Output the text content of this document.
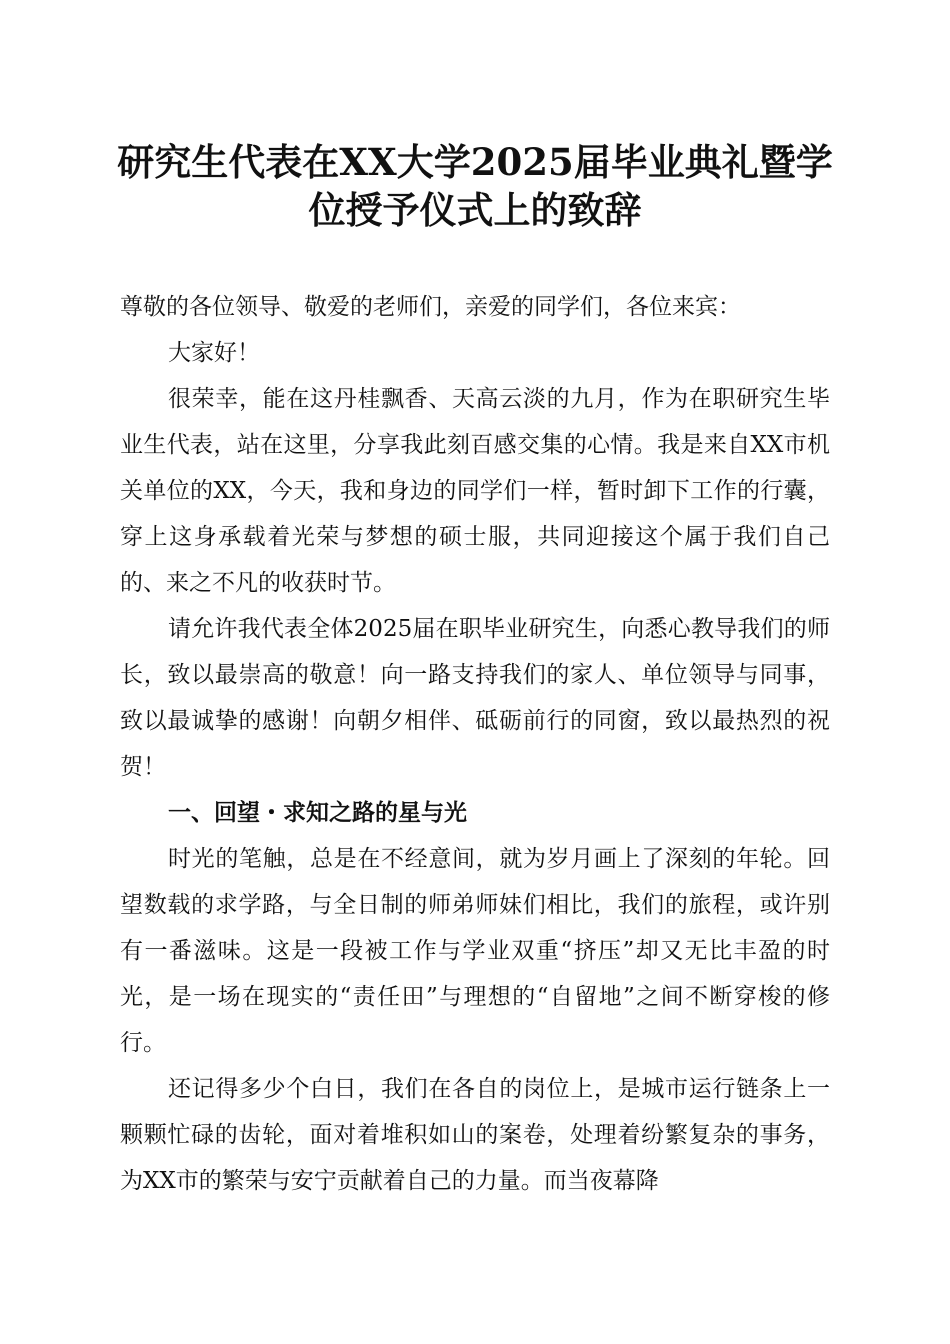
研究生代表在XX大学2025届毕业典礼暨学位授予仪式上的致辞

尊敬的各位领导、敬爱的老师们，亲爱的同学们，各位来宾：

大家好！

很荣幸，能在这丹桂飘香、天高云淡的九月，作为在职研究生毕业生代表，站在这里，分享我此刻百感交集的心情。我是来自XX市机关单位的XX，今天，我和身边的同学们一样，暂时卸下工作的行囊，穿上这身承载着光荣与梦想的硕士服，共同迎接这个属于我们自己的、来之不凡的收获时节。

请允许我代表全体2025届在职毕业研究生，向悉心教导我们的师长，致以最崇高的敬意！向一路支持我们的家人、单位领导与同事，致以最诚挚的感谢！向朝夕相伴、砥砺前行的同窗，致以最热烈的祝贺！

一、回望・求知之路的星与光

时光的笔触，总是在不经意间，就为岁月画上了深刻的年轮。回望数载的求学路，与全日制的师弟师妹们相比，我们的旅程，或许别有一番滋味。这是一段被工作与学业双重“挤压”却又无比丰盈的时光，是一场在现实的“责任田”与理想的“自留地”之间不断穿梭的修行。

还记得多少个白日，我们在各自的岗位上，是城市运行链条上一颗颗忙碌的齿轮，面对着堆积如山的案卷，处理着纷繁复杂的事务，为XX市的繁荣与安宁贡献着自己的力量。而当夜幕降
